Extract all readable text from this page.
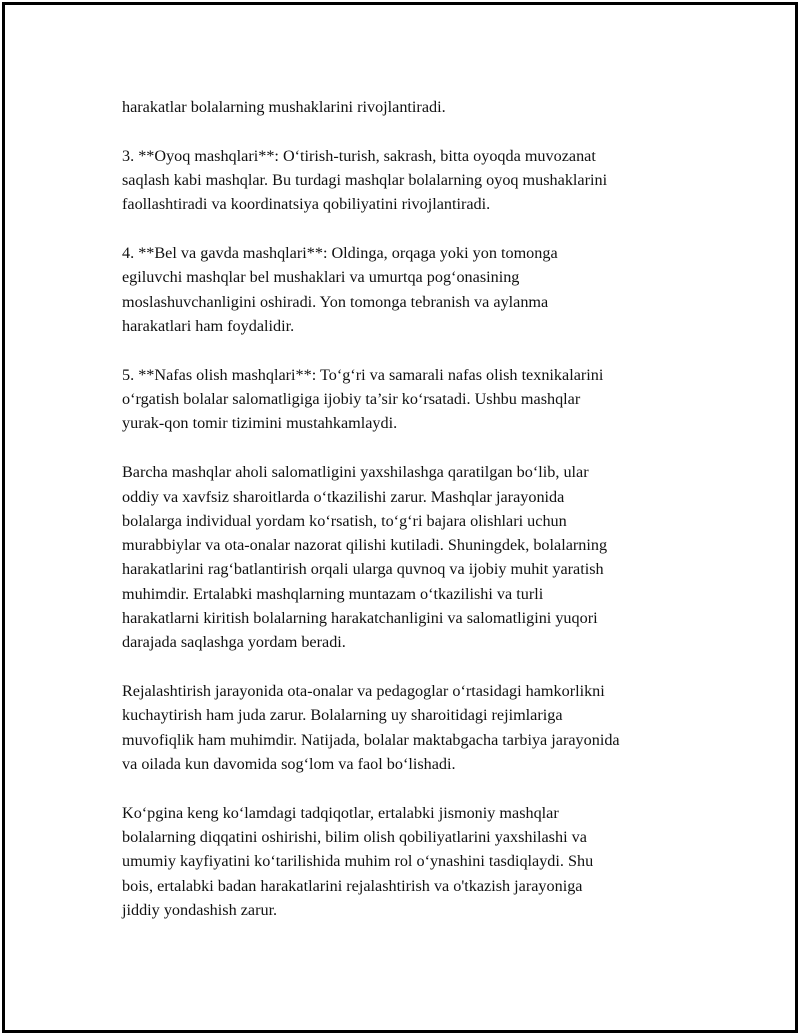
harakatlar bolalarning mushaklarini rivojlantiradi.

3. **Oyoq mashqlari**: O‘tirish-turish, sakrash, bitta oyoqda muvozanat
saqlash kabi mashqlar. Bu turdagi mashqlar bolalarning oyoq mushaklarini
faollashtiradi va koordinatsiya qobiliyatini rivojlantiradi.

4. **Bel va gavda mashqlari**: Oldinga, orqaga yoki yon tomonga
egiluvchi mashqlar bel mushaklari va umurtqa pog‘onasining
moslashuvchanligini oshiradi. Yon tomonga tebranish va aylanma
harakatlari ham foydalidir.

5. **Nafas olish mashqlari**: To‘g‘ri va samarali nafas olish texnikalarini
o‘rgatish bolalar salomatligiga ijobiy ta’sir ko‘rsatadi. Ushbu mashqlar
yurak-qon tomir tizimini mustahkamlaydi.

Barcha mashqlar aholi salomatligini yaxshilashga qaratilgan bo‘lib, ular
oddiy va xavfsiz sharoitlarda o‘tkazilishi zarur. Mashqlar jarayonida
bolalarga individual yordam ko‘rsatish, to‘g‘ri bajara olishlari uchun
murabbiylar va ota-onalar nazorat qilishi kutiladi. Shuningdek, bolalarning
harakatlarini rag‘batlantirish orqali ularga quvnoq va ijobiy muhit yaratish
muhimdir. Ertalabki mashqlarning muntazam o‘tkazilishi va turli
harakatlarni kiritish bolalarning harakatchanligini va salomatligini yuqori
darajada saqlashga yordam beradi.

Rejalashtirish jarayonida ota-onalar va pedagoglar o‘rtasidagi hamkorlikni
kuchaytirish ham juda zarur. Bolalarning uy sharoitidagi rejimlariga
muvofiqlik ham muhimdir. Natijada, bolalar maktabgacha tarbiya jarayonida
va oilada kun davomida sog‘lom va faol bo‘lishadi.

Ko‘pgina keng ko‘lamdagi tadqiqotlar, ertalabki jismoniy mashqlar
bolalarning diqqatini oshirishi, bilim olish qobiliyatlarini yaxshilashi va
umumiy kayfiyatini ko‘tarilishida muhim rol o‘ynashini tasdiqlaydi. Shu
bois, ertalabki badan harakatlarini rejalashtirish va o'tkazish jarayoniga
jiddiy yondashish zarur.
